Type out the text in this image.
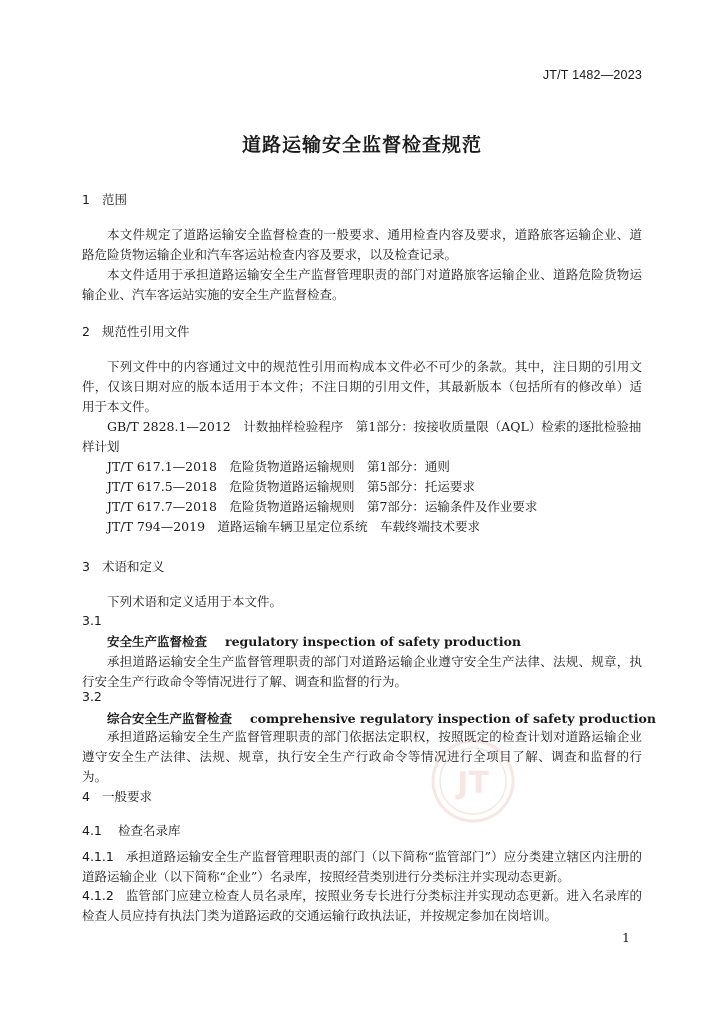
JT/T 1482—2023
道路运输安全监督检查规范
1 范围
本文件规定了道路运输安全监督检查的一般要求、通用检查内容及要求，道路旅客运输企业、道路危险货物运输企业和汽车客运站检查内容及要求，以及检查记录。
本文件适用于承担道路运输安全生产监督管理职责的部门对道路旅客运输企业、道路危险货物运输企业、汽车客运站实施的安全生产监督检查。
2 规范性引用文件
下列文件中的内容通过文中的规范性引用而构成本文件必不可少的条款。其中，注日期的引用文件，仅该日期对应的版本适用于本文件；不注日期的引用文件，其最新版本（包括所有的修改单）适用于本文件。
GB/T 2828.1—2012　计数抽样检验程序　第1部分：按接收质量限（AQL）检索的逐批检验抽样计划
JT/T 617.1—2018　危险货物道路运输规则　第1部分：通则
JT/T 617.5—2018　危险货物道路运输规则　第5部分：托运要求
JT/T 617.7—2018　危险货物道路运输规则　第7部分：运输条件及作业要求
JT/T 794—2019　道路运输车辆卫星定位系统　车载终端技术要求
3 术语和定义
下列术语和定义适用于本文件。
3.1
安全生产监督检查 regulatory inspection of safety production
承担道路运输安全生产监督管理职责的部门对道路运输企业遵守安全生产法律、法规、规章，执行安全生产行政命令等情况进行了解、调查和监督的行为。
3.2
综合安全生产监督检查 comprehensive regulatory inspection of safety production
承担道路运输安全生产监督管理职责的部门依据法定职权，按照既定的检查计划对道路运输企业遵守安全生产法律、法规、规章，执行安全生产行政命令等情况进行全项目了解、调查和监督的行为。	JT
4 一般要求
4.1 检查名录库
4.1.1 承担道路运输安全生产监督管理职责的部门（以下简称“监管部门”）应分类建立辖区内注册的道路运输企业（以下简称“企业”）名录库，按照经营类别进行分类标注并实现动态更新。
4.1.2 监管部门应建立检查人员名录库，按照业务专长进行分类标注并实现动态更新。进入名录库的检查人员应持有执法门类为道路运政的交通运输行政执法证，并按规定参加在岗培训。
1
